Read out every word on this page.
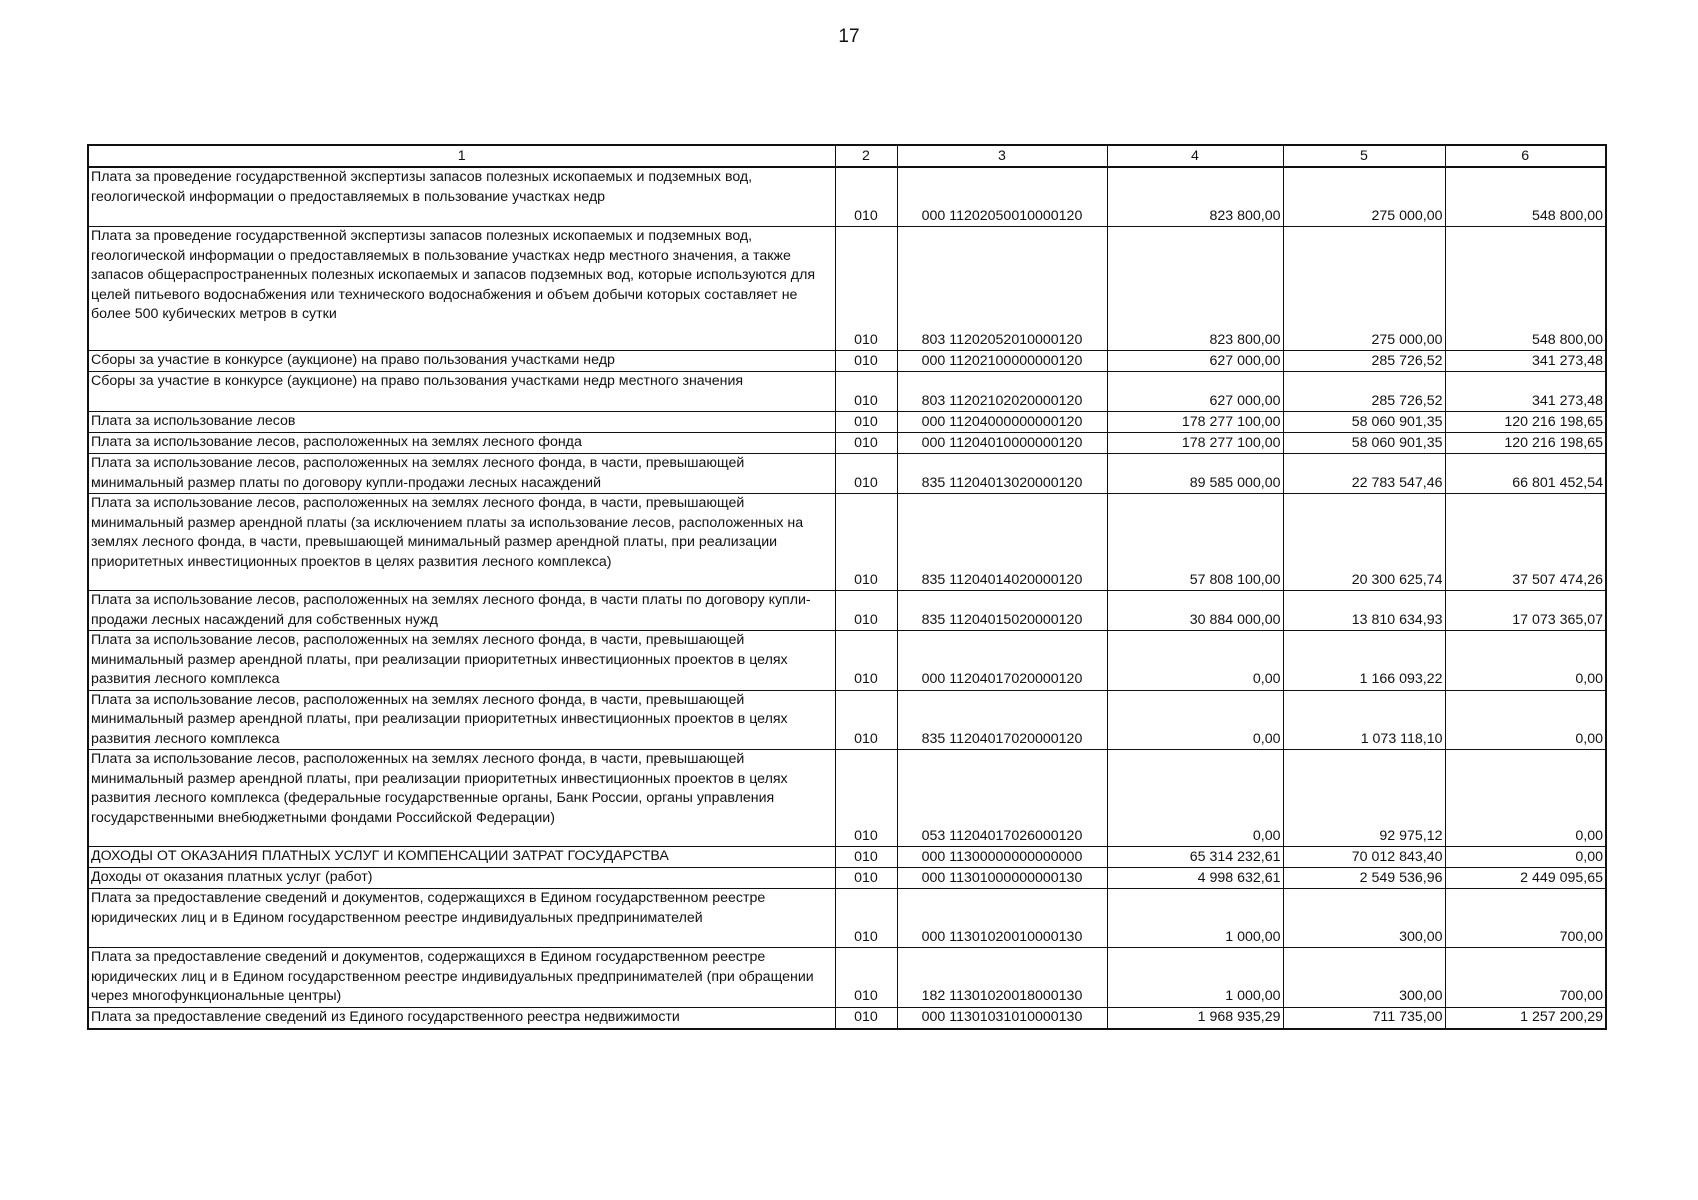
17
1	2	3	4	5	6
Плата за проведение государственной экспертизы запасов полезных ископаемых и подземных вод, геологической информации о предоставляемых в пользование участках недр	010	000 11202050010000120	823 800,00	275 000,00	548 800,00
Плата за проведение государственной экспертизы запасов полезных ископаемых и подземных вод, геологической информации о предоставляемых в пользование участках недр местного значения, а также запасов общераспространенных полезных ископаемых и запасов подземных вод, которые используются для целей питьевого водоснабжения или технического водоснабжения и объем добычи которых составляет не более 500 кубических метров в сутки	010	803 11202052010000120	823 800,00	275 000,00	548 800,00
Сборы за участие в конкурсе (аукционе) на право пользования участками недр	010	000 11202100000000120	627 000,00	285 726,52	341 273,48
Сборы за участие в конкурсе (аукционе) на право пользования участками недр местного значения	010	803 11202102020000120	627 000,00	285 726,52	341 273,48
Плата за использование лесов	010	000 11204000000000120	178 277 100,00	58 060 901,35	120 216 198,65
Плата за использование лесов, расположенных на землях лесного фонда	010	000 11204010000000120	178 277 100,00	58 060 901,35	120 216 198,65
Плата за использование лесов, расположенных на землях лесного фонда, в части, превышающей минимальный размер платы по договору купли-продажи лесных насаждений	010	835 11204013020000120	89 585 000,00	22 783 547,46	66 801 452,54
Плата за использование лесов, расположенных на землях лесного фонда, в части, превышающей минимальный размер арендной платы (за исключением платы за использование лесов, расположенных на землях лесного фонда, в части, превышающей минимальный размер арендной платы, при реализации приоритетных инвестиционных проектов в целях развития лесного комплекса)	010	835 11204014020000120	57 808 100,00	20 300 625,74	37 507 474,26
Плата за использование лесов, расположенных на землях лесного фонда, в части платы по договору купли-продажи лесных насаждений для собственных нужд	010	835 11204015020000120	30 884 000,00	13 810 634,93	17 073 365,07
Плата за использование лесов, расположенных на землях лесного фонда, в части, превышающей минимальный размер арендной платы, при реализации приоритетных инвестиционных проектов в целях развития лесного комплекса	010	000 11204017020000120	0,00	1 166 093,22	0,00
Плата за использование лесов, расположенных на землях лесного фонда, в части, превышающей минимальный размер арендной платы, при реализации приоритетных инвестиционных проектов в целях развития лесного комплекса	010	835 11204017020000120	0,00	1 073 118,10	0,00
Плата за использование лесов, расположенных на землях лесного фонда, в части, превышающей минимальный размер арендной платы, при реализации приоритетных инвестиционных проектов в целях развития лесного комплекса (федеральные государственные органы, Банк России, органы управления государственными внебюджетными фондами Российской Федерации)	010	053 11204017026000120	0,00	92 975,12	0,00
ДОХОДЫ ОТ ОКАЗАНИЯ ПЛАТНЫХ УСЛУГ И КОМПЕНСАЦИИ ЗАТРАТ ГОСУДАРСТВА	010	000 11300000000000000	65 314 232,61	70 012 843,40	0,00
Доходы от оказания платных услуг (работ)	010	000 11301000000000130	4 998 632,61	2 549 536,96	2 449 095,65
Плата за предоставление сведений и документов, содержащихся в Едином государственном реестре юридических лиц и в Едином государственном реестре индивидуальных предпринимателей	010	000 11301020010000130	1 000,00	300,00	700,00
Плата за предоставление сведений и документов, содержащихся в Едином государственном реестре юридических лиц и в Едином государственном реестре индивидуальных предпринимателей (при обращении через многофункциональные центры)	010	182 11301020018000130	1 000,00	300,00	700,00
Плата за предоставление сведений из Единого государственного реестра недвижимости	010	000 11301031010000130	1 968 935,29	711 735,00	1 257 200,29
